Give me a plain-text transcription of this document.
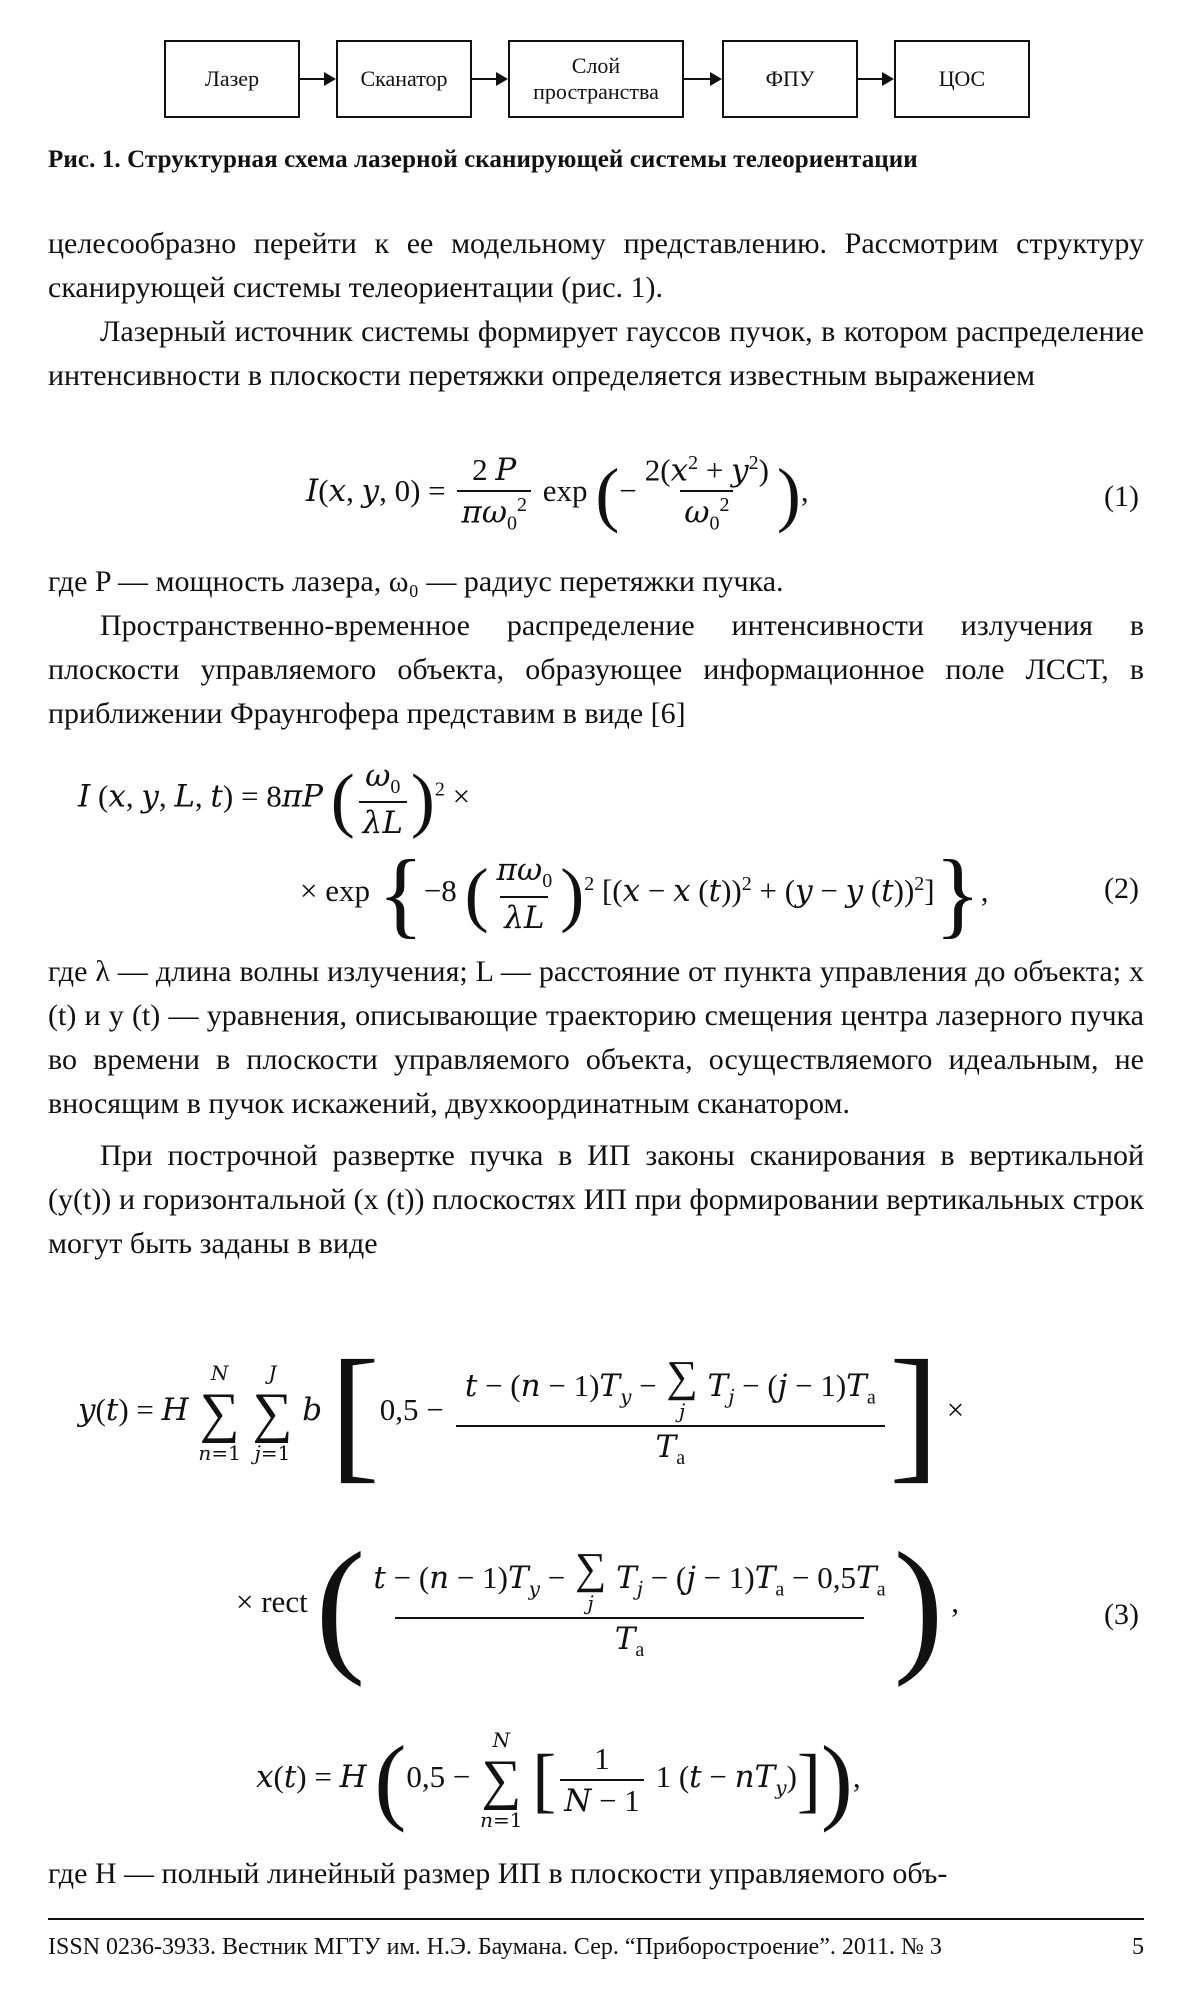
Лазер	Сканатор
Слой пространства
ФПУ	ЦОС
Рис. 1. Структурная схема лазерной сканирующей системы телеориентации

целесообразно перейти к ее модельному представлению. Рассмотрим структуру сканирующей системы телеориентации (рис. 1).

Лазерный источник системы формирует гауссов пучок, в котором распределение интенсивности в плоскости перетяжки определяется известным выражением

I(x, y, $0) = \frac{2 P}{\pi\omega_0^2}$ exp (− $\frac{2(x^2 + y^2)}{\omega_0^2}$ ),	(1)

где P — мощность лазера, ω₀ — радиус перетяжки пучка.

Пространственно-временное распределение интенсивности излучения в плоскости управляемого объекта, образующее информационное поле ЛССТ, в приближении Фраунгофера представим в виде [6]

I (x, y, L, t) = 8πP ( $\frac{\omega_0}{\lambda L} )^2$ ×
× exp {−8 ( $\frac{\pi\omega_0}{\lambda L} )^2$ [(x − x (t))$^2$ + (y − y (t))$^2$]},	(2)

где λ — длина волны излучения; L — расстояние от пункта управления до объекта; x (t) и y (t) — уравнения, описывающие траекторию смещения центра лазерного пучка во времени в плоскости управляемого объекта, осуществляемого идеальным, не вносящим в пучок искажений, двухкоординатным сканатором.

При построчной развертке пучка в ИП законы сканирования в вертикальной (y(t)) и горизонтальной (x (t)) плоскостях ИП при формировании вертикальных строк могут быть заданы в виде

y(t) = H
N
∑
n=1

J
∑
j=1
b [$0,5 - t - (n - 1)T_y$ − ∑
j
$T_j - (j - 1)T_а$
$T_а$ ] ×
× rect ( $t - (n - 1)T_y$ − ∑
j
$T_j - (j - 1)T_а - 0,5T_а$
$T_а$ ) ,	(3)
x(t) = H (0,5 −
N
∑
n=1 [ $\frac{1}{N - 1} 1$ $(t - nT_y)$]),

где H — полный линейный размер ИП в плоскости управляемого объ-

ISSN 0236-3933. Вестник МГТУ им. Н.Э. Баумана. Сер. “Приборостроение”. 2011. № 3	5
